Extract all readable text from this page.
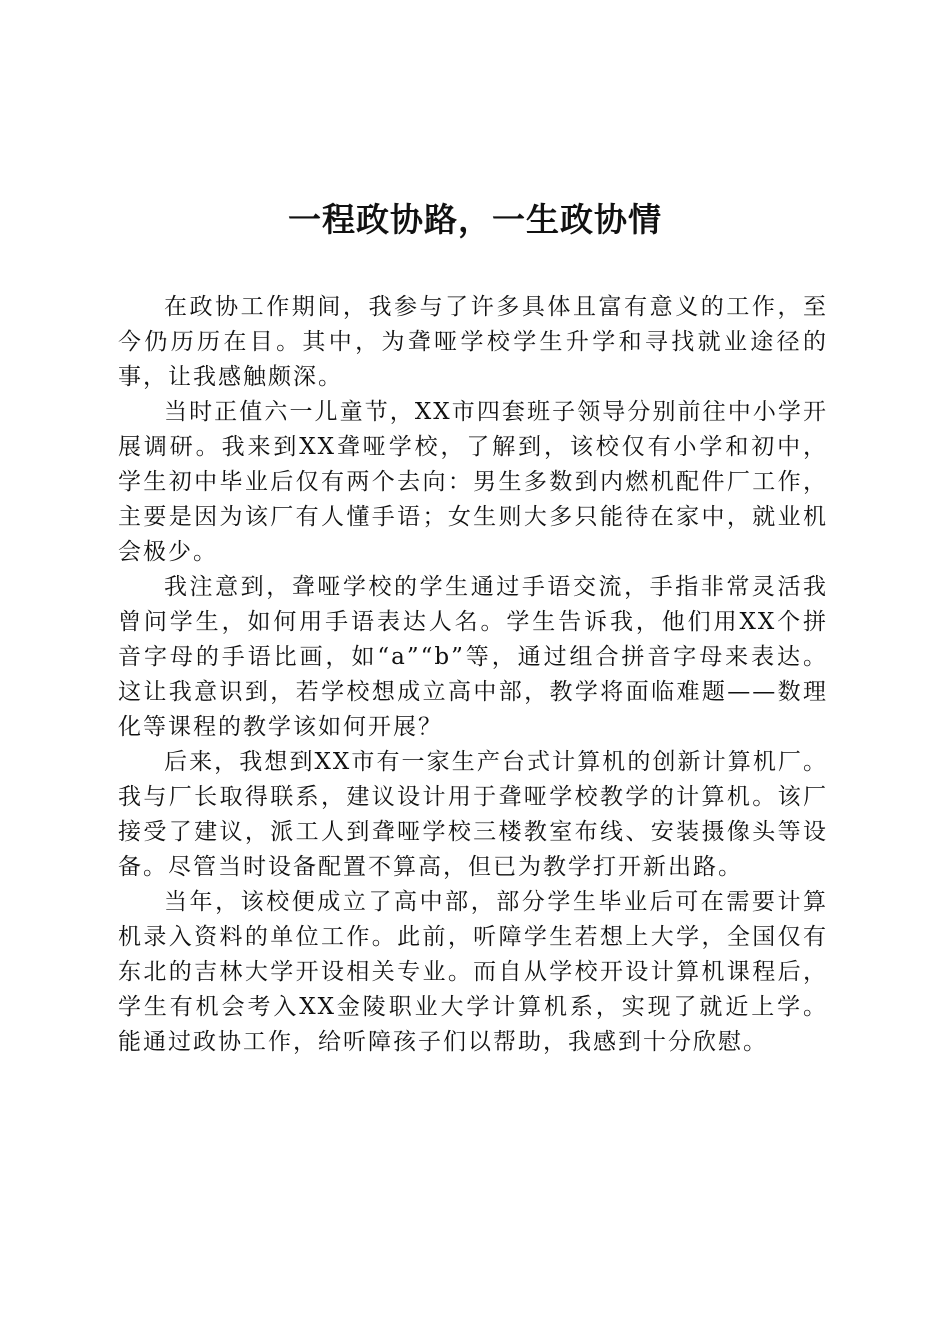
一程政协路，一生政协情

在政协工作期间，我参与了许多具体且富有意义的工作，至今仍历历在目。其中，为聋哑学校学生升学和寻找就业途径的事，让我感触颇深。

当时正值六一儿童节，XX市四套班子领导分别前往中小学开展调研。我来到XX聋哑学校，了解到，该校仅有小学和初中，学生初中毕业后仅有两个去向：男生多数到内燃机配件厂工作，主要是因为该厂有人懂手语；女生则大多只能待在家中，就业机会极少。

我注意到，聋哑学校的学生通过手语交流，手指非常灵活我曾问学生，如何用手语表达人名。学生告诉我，他们用XX个拼音字母的手语比画，如“a”“b”等，通过组合拼音字母来表达。这让我意识到，若学校想成立高中部，教学将面临难题——数理化等课程的教学该如何开展？

后来，我想到XX市有一家生产台式计算机的创新计算机厂。我与厂长取得联系，建议设计用于聋哑学校教学的计算机。该厂接受了建议，派工人到聋哑学校三楼教室布线、安装摄像头等设备。尽管当时设备配置不算高，但已为教学打开新出路。

当年，该校便成立了高中部，部分学生毕业后可在需要计算机录入资料的单位工作。此前，听障学生若想上大学，全国仅有东北的吉林大学开设相关专业。而自从学校开设计算机课程后，学生有机会考入XX金陵职业大学计算机系，实现了就近上学。能通过政协工作，给听障孩子们以帮助，我感到十分欣慰。
